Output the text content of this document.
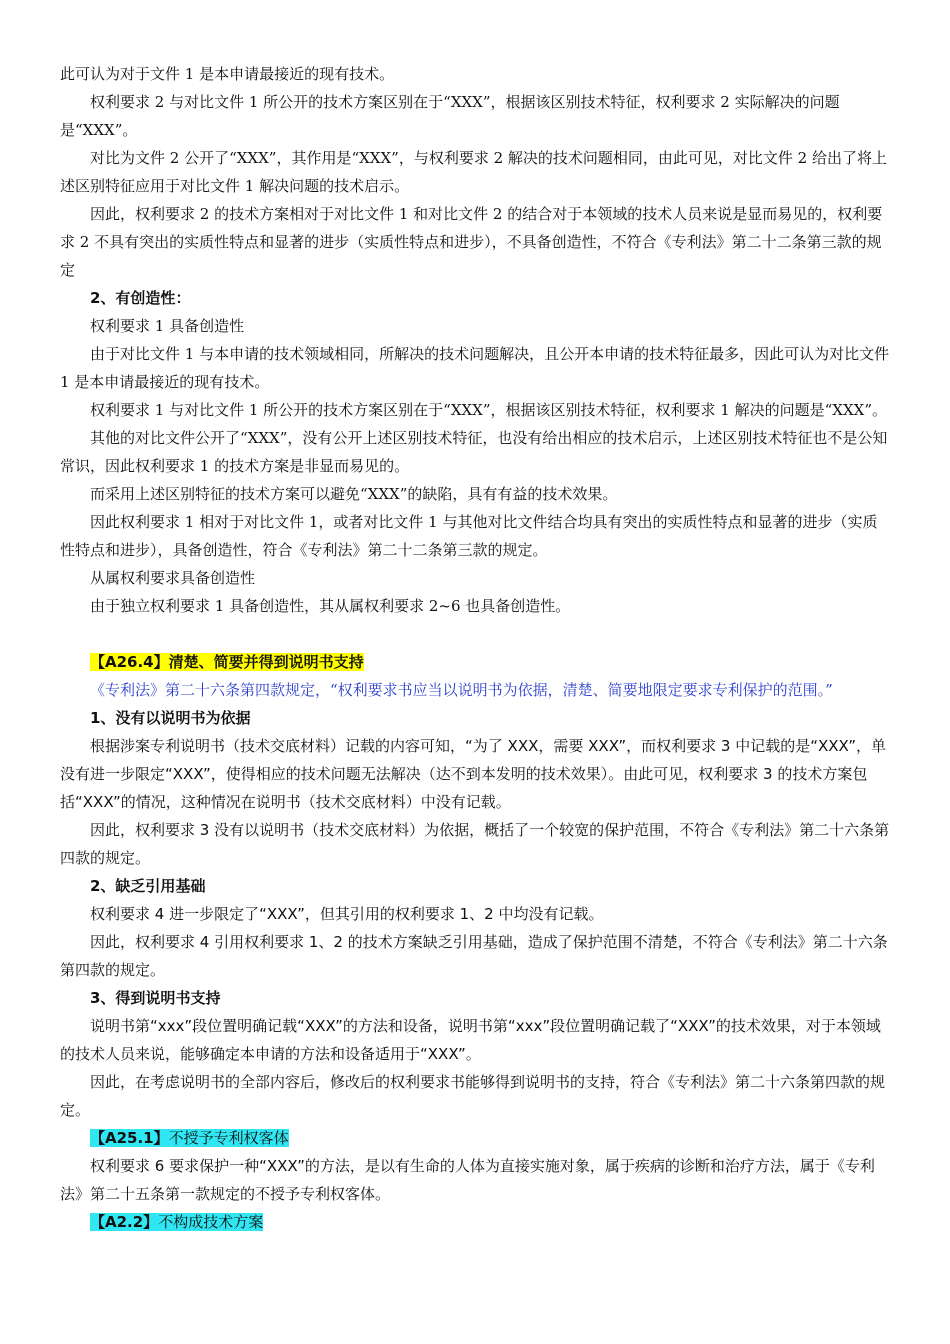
此可认为对于文件 1 是本申请最接近的现有技术。

权利要求 2 与对比文件 1 所公开的技术方案区别在于“XXX”，根据该区别技术特征，权利要求 2 实际解决的问题是“XXX”。

对比为文件 2 公开了“XXX”，其作用是“XXX”，与权利要求 2 解决的技术问题相同，由此可见，对比文件 2 给出了将上述区别特征应用于对比文件 1 解决问题的技术启示。

因此，权利要求 2 的技术方案相对于对比文件 1 和对比文件 2 的结合对于本领域的技术人员来说是显而易见的，权利要求 2 不具有突出的实质性特点和显著的进步（实质性特点和进步），不具备创造性，不符合《专利法》第二十二条第三款的规定

2、有创造性：

权利要求 1 具备创造性

由于对比文件 1 与本申请的技术领域相同，所解决的技术问题解决，且公开本申请的技术特征最多，因此可认为对比文件 1 是本申请最接近的现有技术。

权利要求 1 与对比文件 1 所公开的技术方案区别在于“XXX”，根据该区别技术特征，权利要求 1 解决的问题是“XXX”。

其他的对比文件公开了“XXX”，没有公开上述区别技术特征，也没有给出相应的技术启示，上述区别技术特征也不是公知常识，因此权利要求 1 的技术方案是非显而易见的。

而采用上述区别特征的技术方案可以避免“XXX”的缺陷，具有有益的技术效果。

因此权利要求 1 相对于对比文件 1，或者对比文件 1 与其他对比文件结合均具有突出的实质性特点和显著的进步（实质性特点和进步），具备创造性，符合《专利法》第二十二条第三款的规定。

从属权利要求具备创造性

由于独立权利要求 1 具备创造性，其从属权利要求 2~6 也具备创造性。

【A26.4】清楚、简要并得到说明书支持

《专利法》第二十六条第四款规定，“权利要求书应当以说明书为依据，清楚、简要地限定要求专利保护的范围。”

1、没有以说明书为依据

根据涉案专利说明书（技术交底材料）记载的内容可知，“为了 XXX，需要 XXX”，而权利要求 3 中记载的是“XXX”，单没有进一步限定“XXX”，使得相应的技术问题无法解决（达不到本发明的技术效果）。由此可见，权利要求 3 的技术方案包括“XXX”的情况，这种情况在说明书（技术交底材料）中没有记载。

因此，权利要求 3 没有以说明书（技术交底材料）为依据，概括了一个较宽的保护范围，不符合《专利法》第二十六条第四款的规定。

2、缺乏引用基础

权利要求 4 进一步限定了“XXX”，但其引用的权利要求 1、2 中均没有记载。

因此，权利要求 4 引用权利要求 1、2 的技术方案缺乏引用基础，造成了保护范围不清楚，不符合《专利法》第二十六条第四款的规定。

3、得到说明书支持

说明书第“xxx”段位置明确记载“XXX”的方法和设备，说明书第“xxx”段位置明确记载了“XXX”的技术效果，对于本领域的技术人员来说，能够确定本申请的方法和设备适用于“XXX”。

因此，在考虑说明书的全部内容后，修改后的权利要求书能够得到说明书的支持，符合《专利法》第二十六条第四款的规定。

【A25.1】不授予专利权客体

权利要求 6 要求保护一种“XXX”的方法，是以有生命的人体为直接实施对象，属于疾病的诊断和治疗方法，属于《专利法》第二十五条第一款规定的不授予专利权客体。

【A2.2】不构成技术方案
